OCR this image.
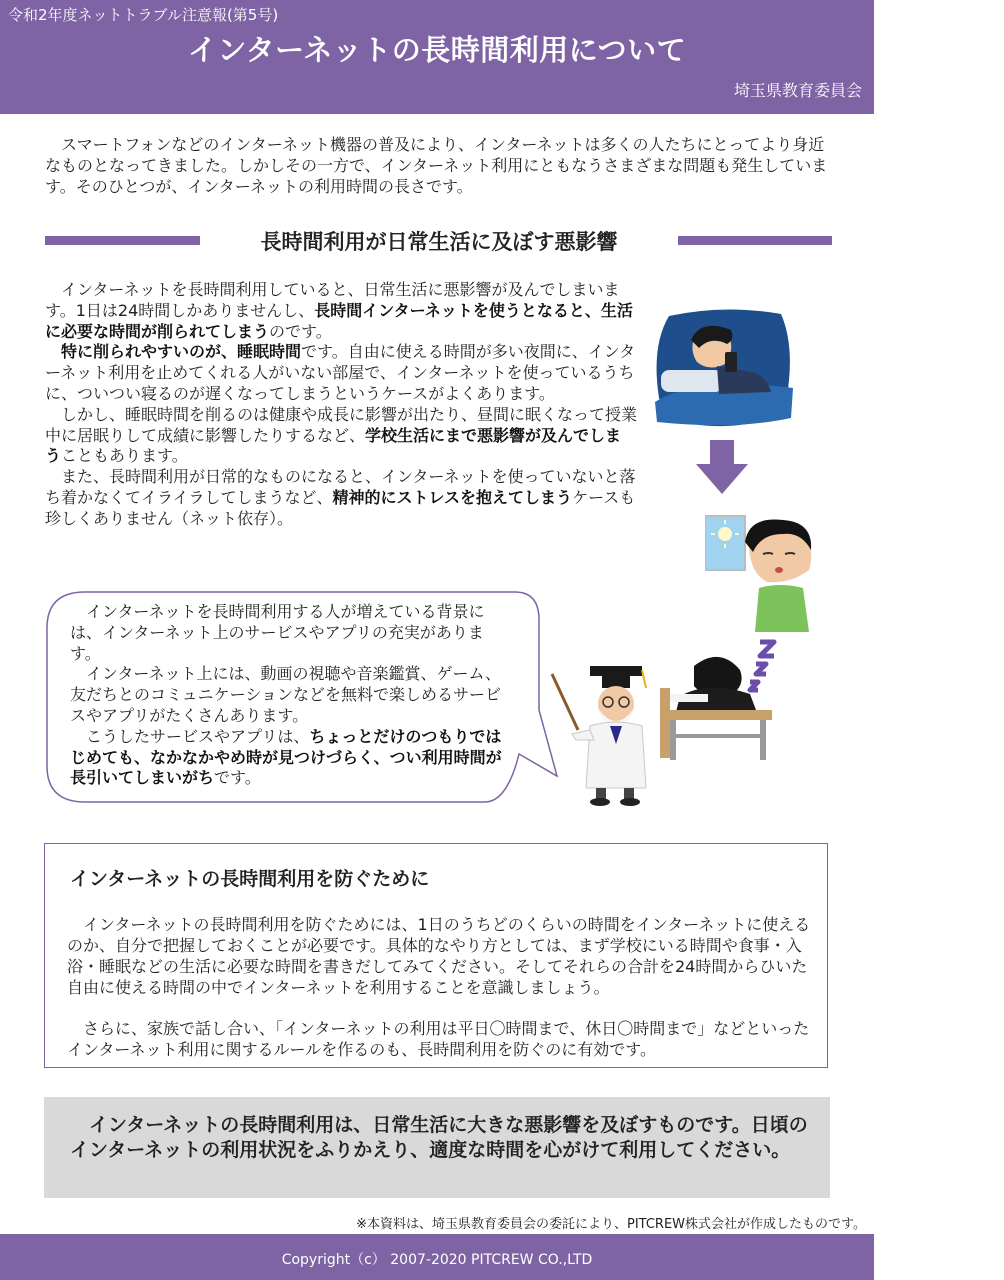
令和2年度ネットトラブル注意報(第5号)
インターネットの長時間利用について
埼玉県教育委員会

スマートフォンなどのインターネット機器の普及により、インターネットは多くの人たちにとってより身近なものとなってきました。しかしその一方で、インターネット利用にともなうさまざまな問題も発生しています。そのひとつが、インターネットの利用時間の長さです。

長時間利用が日常生活に及ぼす悪影響

インターネットを長時間利用していると、日常生活に悪影響が及んでしまいます。1日は24時間しかありませんし、長時間インターネットを使うとなると、生活に必要な時間が削られてしまうのです。

特に削られやすいのが、睡眠時間です。自由に使える時間が多い夜間に、インターネット利用を止めてくれる人がいない部屋で、インターネットを使っているうちに、ついつい寝るのが遅くなってしまうというケースがよくあります。

しかし、睡眠時間を削るのは健康や成長に影響が出たり、昼間に眠くなって授業中に居眠りして成績に影響したりするなど、学校生活にまで悪影響が及んでしまうこともあります。

また、長時間利用が日常的なものになると、インターネットを使っていないと落ち着かなくてイライラしてしまうなど、精神的にストレスを抱えてしまうケースも珍しくありません（ネット依存）。

インターネットを長時間利用する人が増えている背景には、インターネット上のサービスやアプリの充実があります。

インターネット上には、動画の視聴や音楽鑑賞、ゲーム、友だちとのコミュニケーションなどを無料で楽しめるサービスやアプリがたくさんあります。

こうしたサービスやアプリは、ちょっとだけのつもりではじめても、なかなかやめ時が見つけづらく、つい利用時間が長引いてしまいがちです。

インターネットの長時間利用を防ぐために

インターネットの長時間利用を防ぐためには、1日のうちどのくらいの時間をインターネットに使えるのか、自分で把握しておくことが必要です。具体的なやり方としては、まず学校にいる時間や食事・入浴・睡眠などの生活に必要な時間を書きだしてみてください。そしてそれらの合計を24時間からひいた自由に使える時間の中でインターネットを利用することを意識しましょう。

さらに、家族で話し合い、「インターネットの利用は平日〇時間まで、休日〇時間まで」などといったインターネット利用に関するルールを作るのも、長時間利用を防ぐのに有効です。

インターネットの長時間利用は、日常生活に大きな悪影響を及ぼすものです。日頃のインターネットの利用状況をふりかえり、適度な時間を心がけて利用してください。

※本資料は、埼玉県教育委員会の委託により、PITCREW株式会社が作成したものです。
Copyright（c） 2007-2020 PITCREW CO.,LTD
